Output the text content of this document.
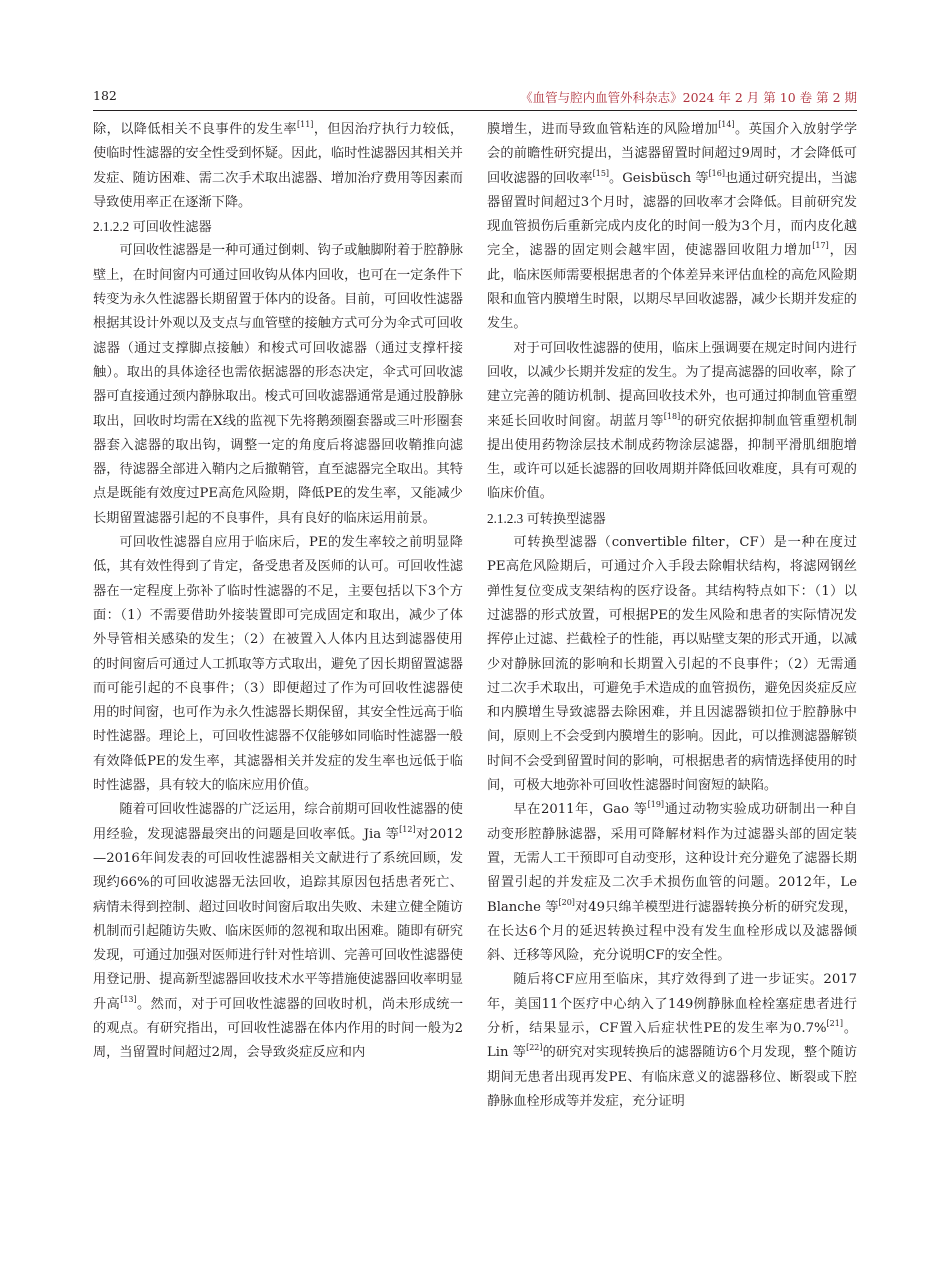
182	《血管与腔内血管外科杂志》2024 年 2 月 第 10 卷 第 2 期

除，以降低相关不良事件的发生率[11]，但因治疗执行力较低，使临时性滤器的安全性受到怀疑。因此，临时性滤器因其相关并发症、随访困难、需二次手术取出滤器、增加治疗费用等因素而导致使用率正在逐渐下降。

2.1.2.2 可回收性滤器

可回收性滤器是一种可通过倒刺、钩子或触脚附着于腔静脉壁上，在时间窗内可通过回收钩从体内回收，也可在一定条件下转变为永久性滤器长期留置于体内的设备。目前，可回收性滤器根据其设计外观以及支点与血管壁的接触方式可分为伞式可回收滤器（通过支撑脚点接触）和梭式可回收滤器（通过支撑杆接触）。取出的具体途径也需依据滤器的形态决定，伞式可回收滤器可直接通过颈内静脉取出。梭式可回收滤器通常是通过股静脉取出，回收时均需在X线的监视下先将鹅颈圈套器或三叶形圈套器套入滤器的取出钩，调整一定的角度后将滤器回收鞘推向滤器，待滤器全部进入鞘内之后撤鞘管，直至滤器完全取出。其特点是既能有效度过PE高危风险期，降低PE的发生率，又能减少长期留置滤器引起的不良事件，具有良好的临床运用前景。

可回收性滤器自应用于临床后，PE的发生率较之前明显降低，其有效性得到了肯定，备受患者及医师的认可。可回收性滤器在一定程度上弥补了临时性滤器的不足，主要包括以下3个方面：（1）不需要借助外接装置即可完成固定和取出，减少了体外导管相关感染的发生；（2）在被置入人体内且达到滤器使用的时间窗后可通过人工抓取等方式取出，避免了因长期留置滤器而可能引起的不良事件；（3）即便超过了作为可回收性滤器使用的时间窗，也可作为永久性滤器长期保留，其安全性远高于临时性滤器。理论上，可回收性滤器不仅能够如同临时性滤器一般有效降低PE的发生率，其滤器相关并发症的发生率也远低于临时性滤器，具有较大的临床应用价值。

随着可回收性滤器的广泛运用，综合前期可回收性滤器的使用经验，发现滤器最突出的问题是回收率低。Jia 等[12]对2012—2016年间发表的可回收性滤器相关文献进行了系统回顾，发现约66%的可回收滤器无法回收，追踪其原因包括患者死亡、病情未得到控制、超过回收时间窗后取出失败、未建立健全随访机制而引起随访失败、临床医师的忽视和取出困难。随即有研究发现，可通过加强对医师进行针对性培训、完善可回收性滤器使用登记册、提高新型滤器回收技术水平等措施使滤器回收率明显升高[13]。然而，对于可回收性滤器的回收时机，尚未形成统一的观点。有研究指出，可回收性滤器在体内作用的时间一般为2周，当留置时间超过2周，会导致炎症反应和内

膜增生，进而导致血管粘连的风险增加[14]。英国介入放射学学会的前瞻性研究提出，当滤器留置时间超过9周时，才会降低可回收滤器的回收率[15]。Geisbüsch 等[16]也通过研究提出，当滤器留置时间超过3个月时，滤器的回收率才会降低。目前研究发现血管损伤后重新完成内皮化的时间一般为3个月，而内皮化越完全，滤器的固定则会越牢固，使滤器回收阻力增加[17]，因此，临床医师需要根据患者的个体差异来评估血栓的高危风险期限和血管内膜增生时限，以期尽早回收滤器，减少长期并发症的发生。

对于可回收性滤器的使用，临床上强调要在规定时间内进行回收，以减少长期并发症的发生。为了提高滤器的回收率，除了建立完善的随访机制、提高回收技术外，也可通过抑制血管重塑来延长回收时间窗。胡蓝月等[18]的研究依据抑制血管重塑机制提出使用药物涂层技术制成药物涂层滤器，抑制平滑肌细胞增生，或许可以延长滤器的回收周期并降低回收难度，具有可观的临床价值。

2.1.2.3 可转换型滤器

可转换型滤器（convertible filter，CF）是一种在度过PE高危风险期后，可通过介入手段去除帽状结构，将滤网钢丝弹性复位变成支架结构的医疗设备。其结构特点如下：（1）以过滤器的形式放置，可根据PE的发生风险和患者的实际情况发挥停止过滤、拦截栓子的性能，再以贴壁支架的形式开通，以减少对静脉回流的影响和长期置入引起的不良事件；（2）无需通过二次手术取出，可避免手术造成的血管损伤，避免因炎症反应和内膜增生导致滤器去除困难，并且因滤器锁扣位于腔静脉中间，原则上不会受到内膜增生的影响。因此，可以推测滤器解锁时间不会受到留置时间的影响，可根据患者的病情选择使用的时间，可极大地弥补可回收性滤器时间窗短的缺陷。

早在2011年，Gao 等[19]通过动物实验成功研制出一种自动变形腔静脉滤器，采用可降解材料作为过滤器头部的固定装置，无需人工干预即可自动变形，这种设计充分避免了滤器长期留置引起的并发症及二次手术损伤血管的问题。2012年，Le Blanche 等[20]对49只绵羊模型进行滤器转换分析的研究发现，在长达6个月的延迟转换过程中没有发生血栓形成以及滤器倾斜、迁移等风险，充分说明CF的安全性。

随后将CF应用至临床，其疗效得到了进一步证实。2017年，美国11个医疗中心纳入了149例静脉血栓栓塞症患者进行分析，结果显示，CF置入后症状性PE的发生率为0.7%[21]。Lin 等[22]的研究对实现转换后的滤器随访6个月发现，整个随访期间无患者出现再发PE、有临床意义的滤器移位、断裂或下腔静脉血栓形成等并发症，充分证明
